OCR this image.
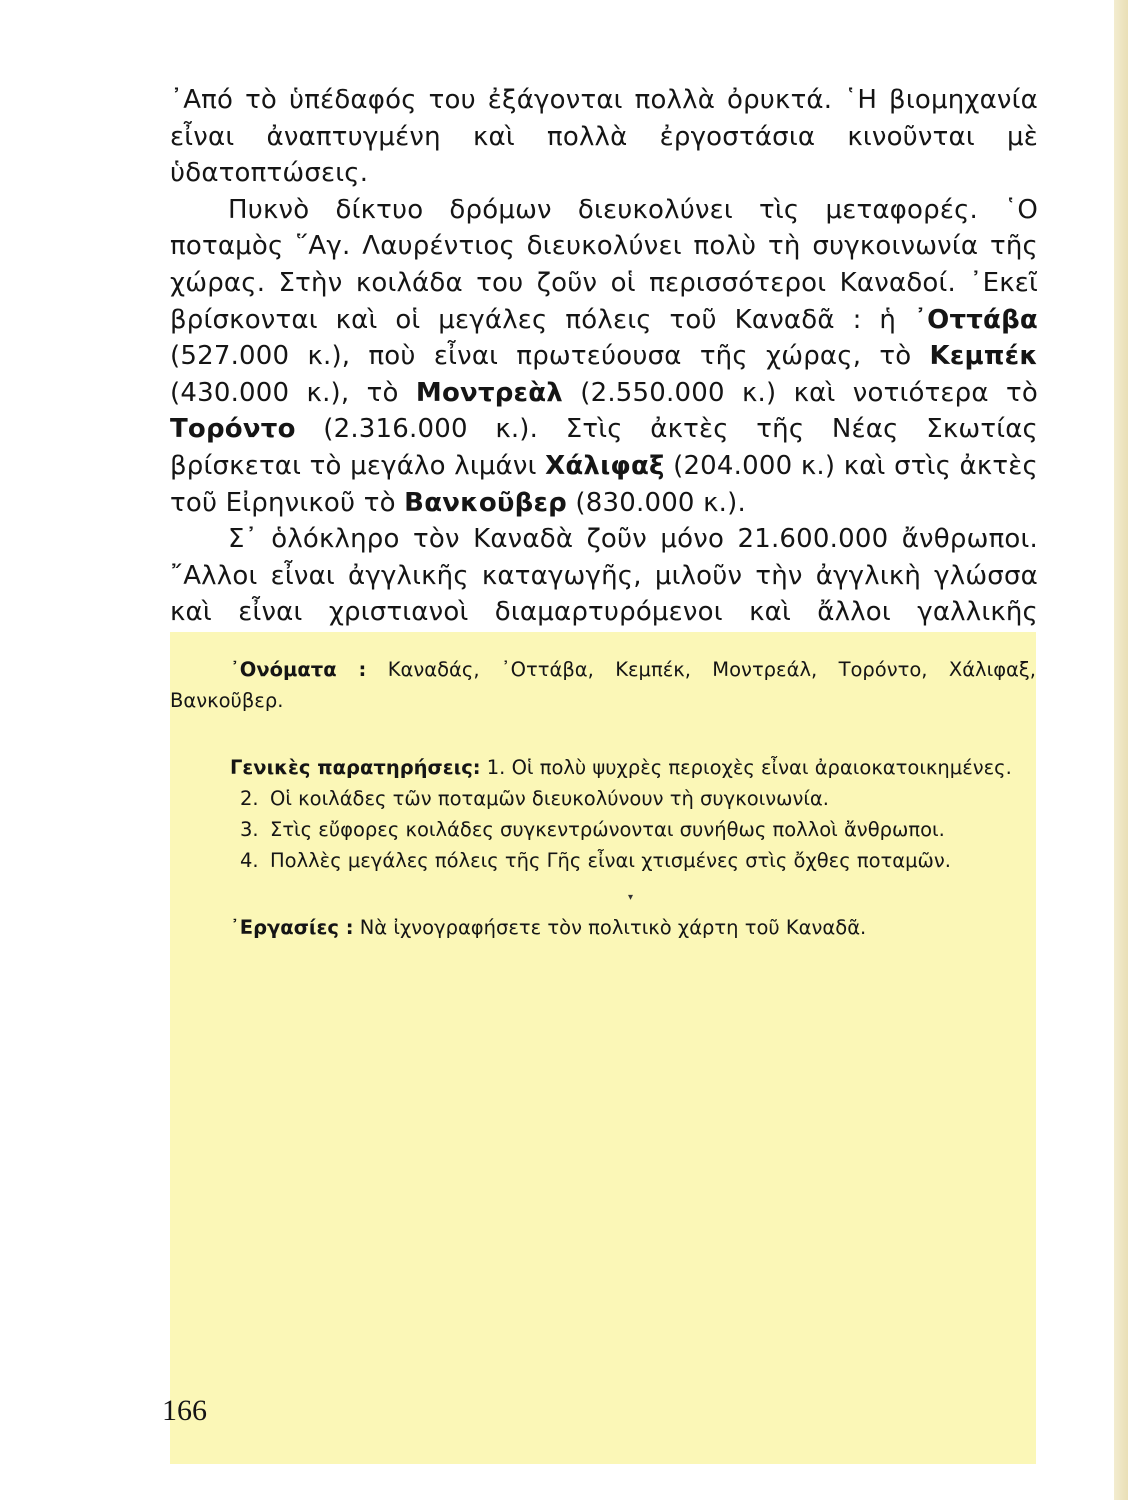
᾽Από τὸ ὑπέδαφός του ἐξάγονται πολλὰ ὀρυκτά. ῾Η βιομηχανία εἶναι ἀναπτυγμένη καὶ πολλὰ ἐργοστάσια κινοῦνται μὲ ὑδατοπτώσεις.

Πυκνὸ δίκτυο δρόμων διευκολύνει τὶς μεταφορές. ῾Ο ποταμὸς ῞Αγ. Λαυρέντιος διευκολύνει πολὺ τὴ συγκοινωνία τῆς χώρας. Στὴν κοιλάδα του ζοῦν οἱ περισσότεροι Καναδοί. ᾽Εκεῖ βρίσκονται καὶ οἱ μεγάλες πόλεις τοῦ Καναδᾶ : ἡ ᾽Οττάβα (527.000 κ.), ποὺ εἶναι πρωτεύουσα τῆς χώρας, τὸ Κεμπέκ (430.000 κ.), τὸ Μοντρεὰλ (2.550.000 κ.) καὶ νοτιότερα τὸ Τορόντο (2.316.000 κ.). Στὶς ἀκτὲς τῆς Νέας Σκωτίας βρίσκεται τὸ μεγάλο λιμάνι Χάλιφαξ (204.000 κ.) καὶ στὶς ἀκτὲς τοῦ Εἰρηνικοῦ τὸ Βανκοῦβερ (830.000 κ.).

Σ᾽ ὁλόκληρο τὸν Καναδὰ ζοῦν μόνο 21.600.000 ἄνθρωποι. ῎Αλλοι εἶναι ἀγγλικῆς καταγωγῆς, μιλοῦν τὴν ἀγγλικὴ γλώσσα καὶ εἶναι χριστιανοὶ διαμαρτυρόμενοι καὶ ἄλλοι γαλλικῆς

᾽Ονόματα : Καναδάς, ᾽Οττάβα, Κεμπέκ, Μοντρεάλ, Τορόντο, Χάλιφαξ, Βανκοῦβερ.

Γενικὲς παρατηρήσεις: 1. Οἱ πολὺ ψυχρὲς περιοχὲς εἶναι ἀραιοκατοικημένες.

2. Οἱ κοιλάδες τῶν ποταμῶν διευκολύνουν τὴ συγκοινωνία.

3. Στὶς εὔφορες κοιλάδες συγκεντρώνονται συνήθως πολλοὶ ἄνθρωποι.

4. Πολλὲς μεγάλες πόλεις τῆς Γῆς εἶναι χτισμένες στὶς ὄχθες ποταμῶν.

᾽Εργασίες : Νὰ ἰχνογραφήσετε τὸν πολιτικὸ χάρτη τοῦ Καναδᾶ.

▾
166
